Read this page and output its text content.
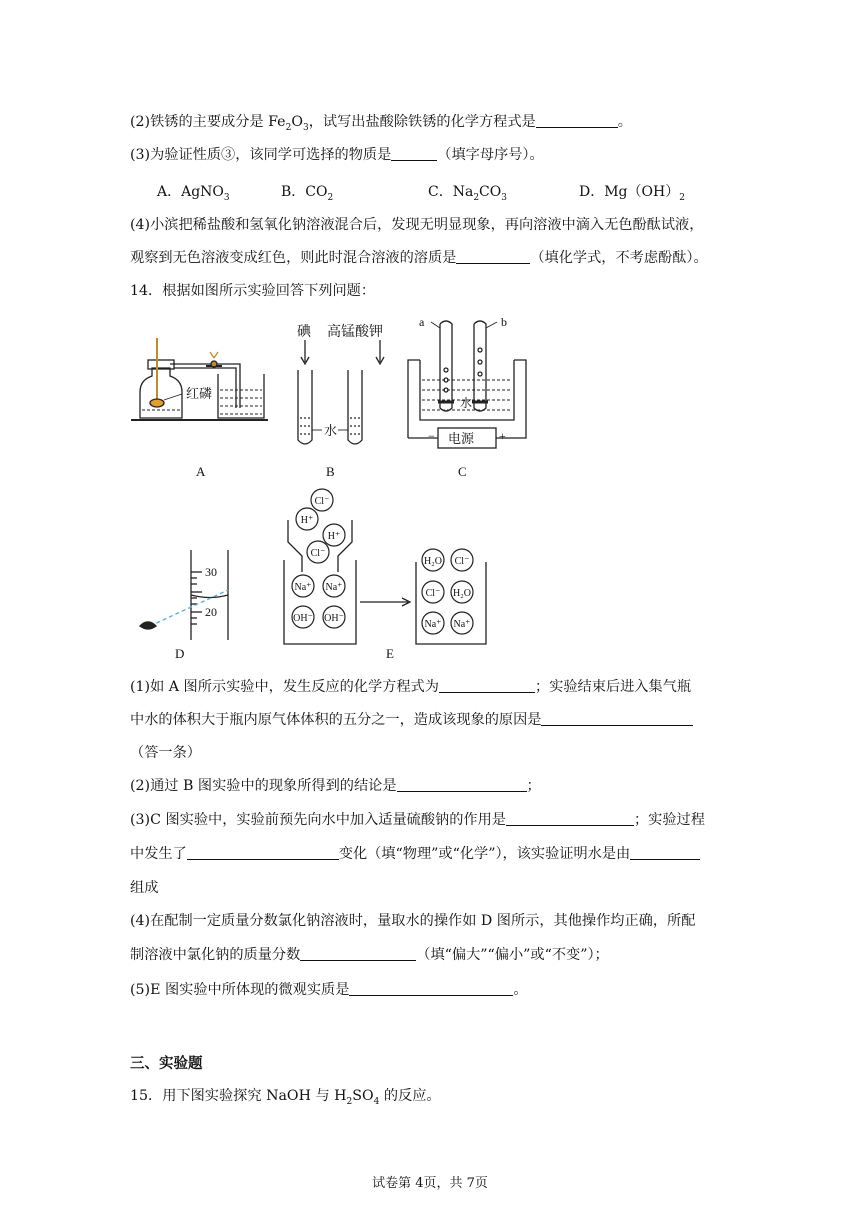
(2)铁锈的主要成分是 $Fe_2O_3$，试写出盐酸除铁锈的化学方程式是	。
(3)为验证性质③，该同学可选择的物质是	（填字母序号）。
A．AgNO$_3$	B．$CO_2$	C．$Na_2CO_3$	D．$Mg(OH)_2$
(4)小滨把稀盐酸和氢氧化钠溶液混合后，发现无明显现象，再向溶液中滴入无色酚酞试液，
观察到无色溶液变成红色，则此时混合溶液的溶质是	（填化学式，不考虑酚酞）。
14．根据如图所示实验回答下列问题：
红磷
A
碘 高锰酸钾
水
B
a	b
水
电源
−	+
C
30
20
D	E
Cl⁻
H⁺
H⁺
Cl⁻
Na⁺ Na⁺
OH⁻ OH⁻
H₂O Cl⁻
Cl⁻ H₂O
Na⁺ Na⁺
(1)如 A 图所示实验中，发生反应的化学方程式为	；实验结束后进入集气瓶
中水的体积大于瓶内原气体体积的五分之一，造成该现象的原因是
（答一条）
(2)通过 B 图实验中的现象所得到的结论是	；
(3)C 图实验中，实验前预先向水中加入适量硫酸钠的作用是	；实验过程
中发生了	变化（填“物理”或“化学”），该实验证明水是由
组成
(4)在配制一定质量分数氯化钠溶液时，量取水的操作如 D 图所示，其他操作均正确，所配
制溶液中氯化钠的质量分数	（填“偏大”“偏小”或“不变”）；
(5)E 图实验中所体现的微观实质是	。
三、实验题
15．用下图实验探究 NaOH 与 $H_2SO_4$ 的反应。
试卷第 4页，共 7页
